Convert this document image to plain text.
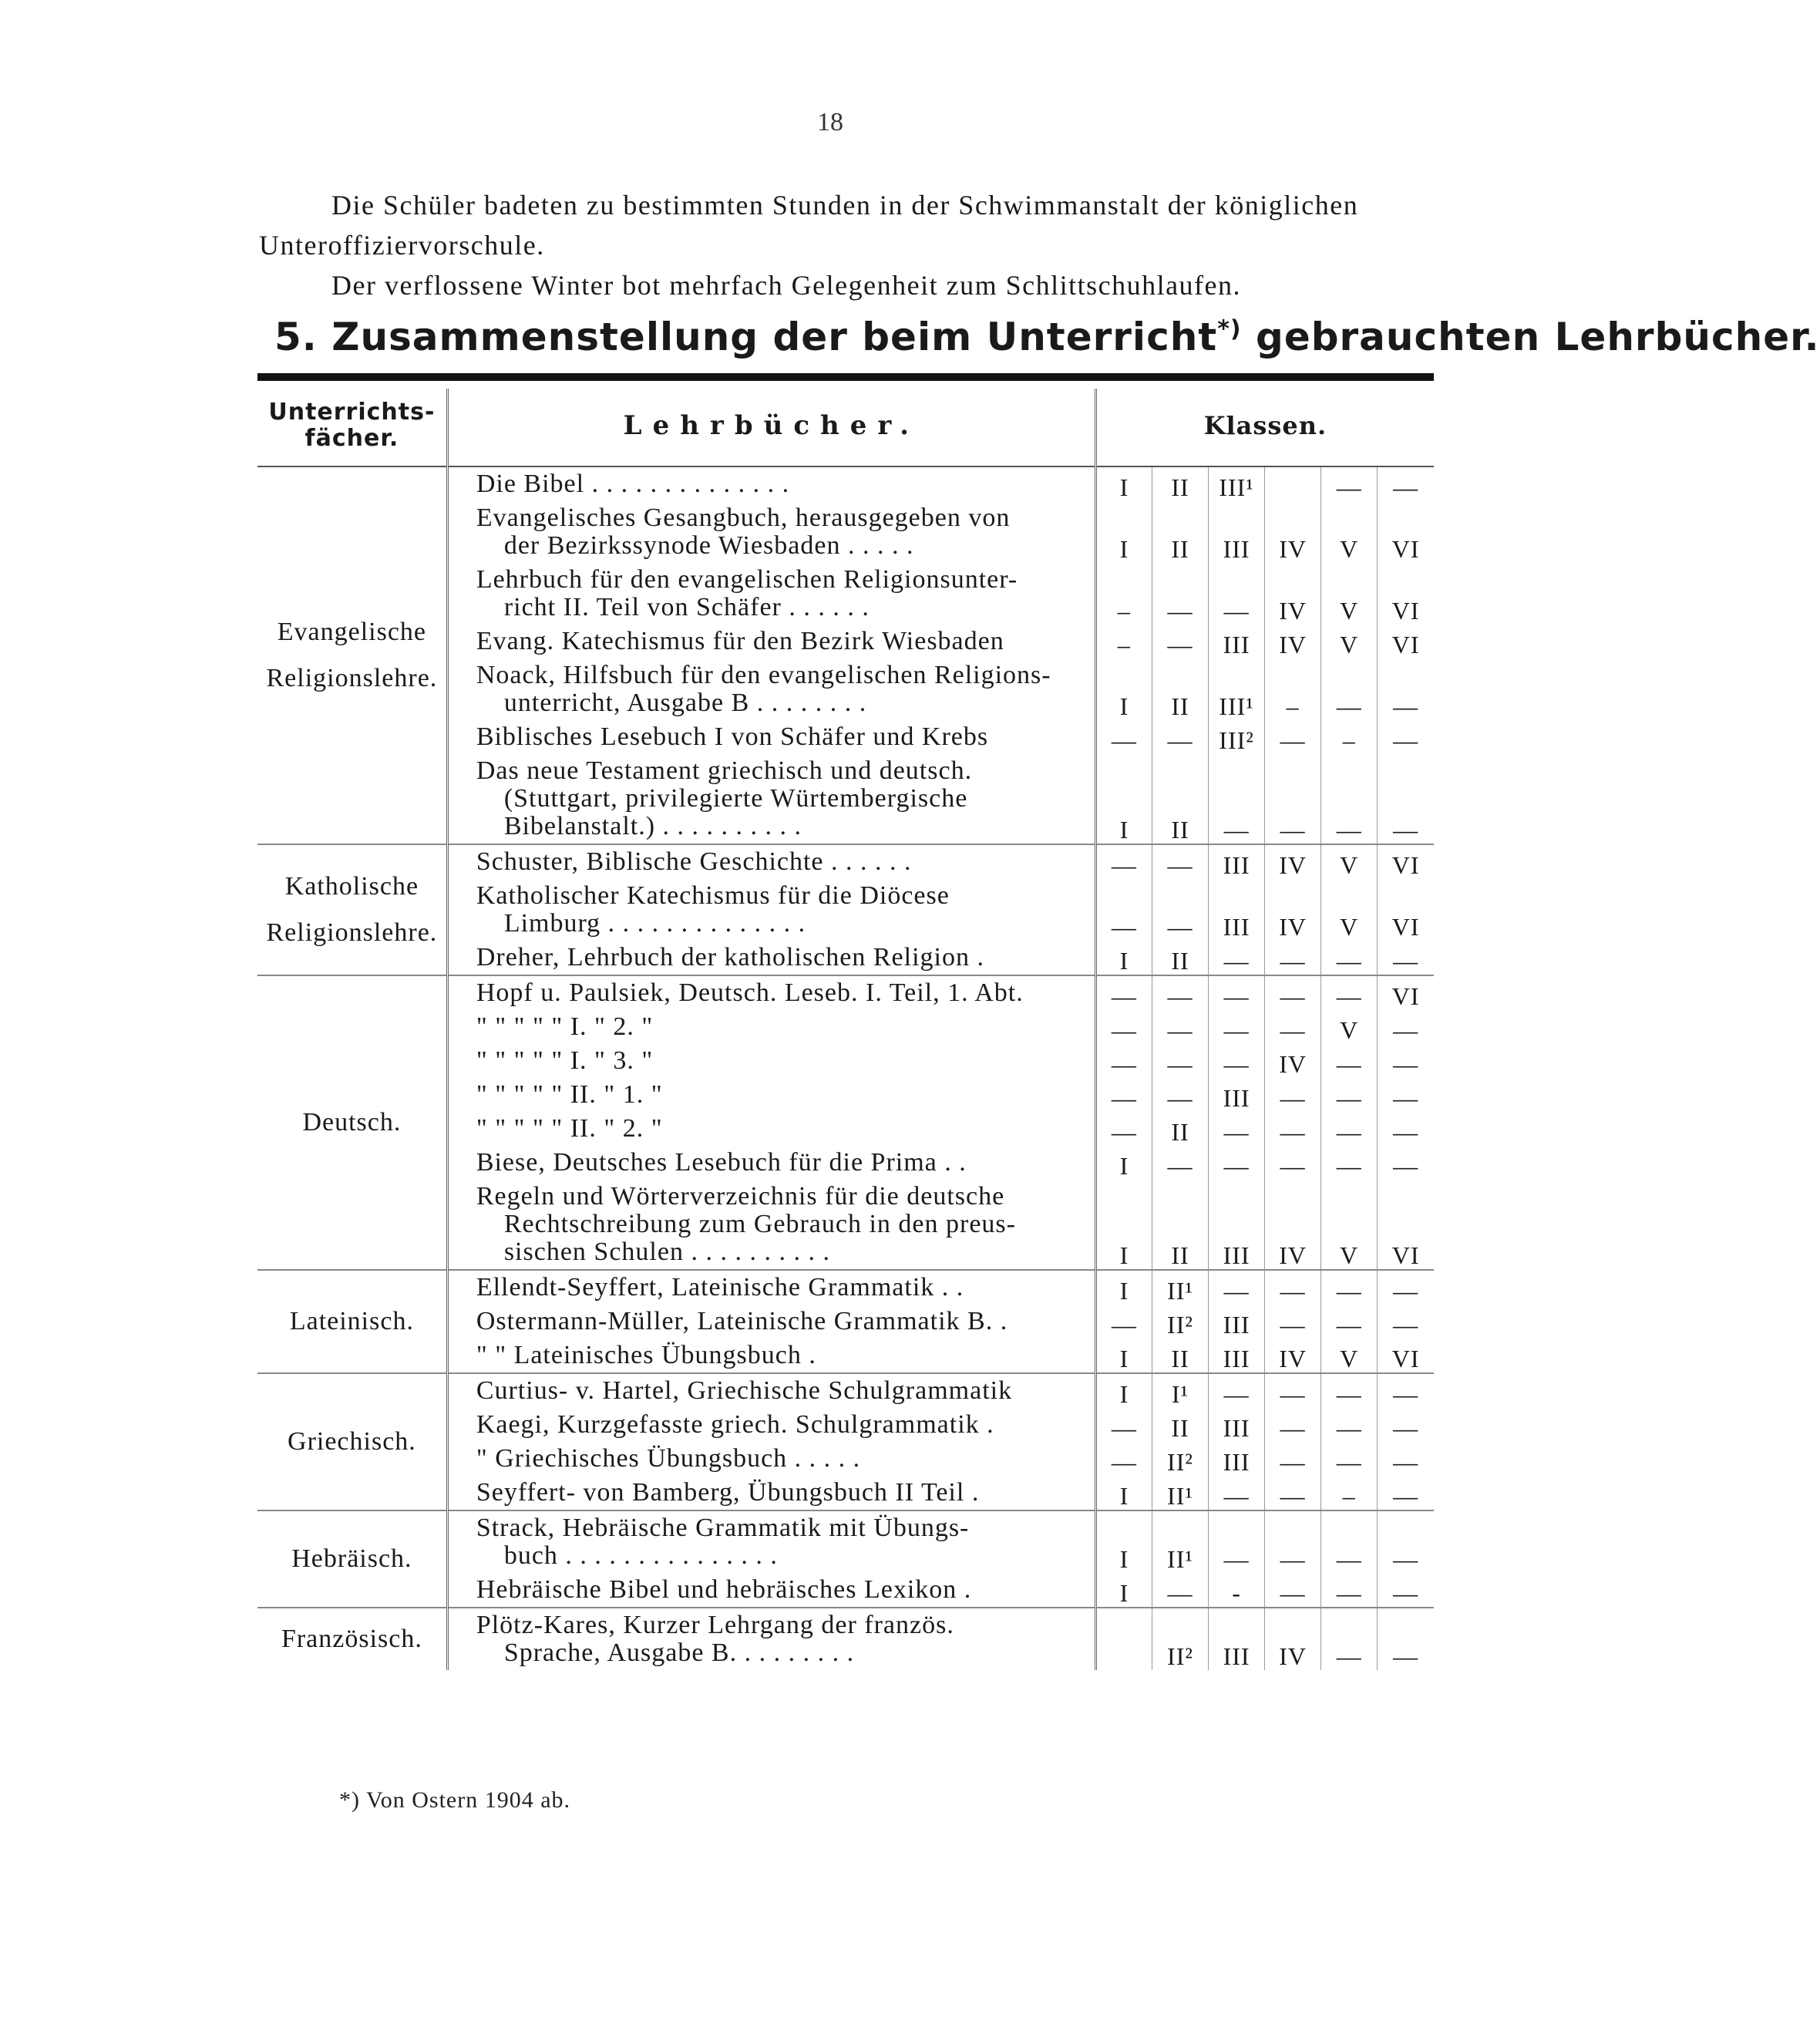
18

Die Schüler badeten zu bestimmten Stunden in der Schwimmanstalt der königlichen Unteroffiziervorschule.

Der verflossene Winter bot mehrfach Gelegenheit zum Schlittschuhlaufen.

5. Zusammenstellung der beim Unterricht*) gebrauchten Lehrbücher.
Unterrichts-fächer.	Lehrbücher.	Klassen.					
Evangelische Religionslehre.	Die Bibel . . . . . . . . . . . . . .	I	II	III¹		—	—

	Evangelisches Gesangbuch, herausgegeben von
der Bezirkssynode Wiesbaden . . . . .	I	II	III	IV	V	VI

	Lehrbuch für den evangelischen Religionsunter-
richt II. Teil von Schäfer . . . . . .	–	—	—	IV	V	VI

	Evang. Katechismus für den Bezirk Wiesbaden	–	—	III	IV	V	VI

	Noack, Hilfsbuch für den evangelischen Religions-
unterricht, Ausgabe B . . . . . . . .	I	II	III¹	–	—	—

	Biblisches Lesebuch I von Schäfer und Krebs	—	—	III²	—	–	—

	Das neue Testament griechisch und deutsch.
(Stuttgart, privilegierte Würtembergische
Bibelanstalt.) . . . . . . . . . .	I	II	—	—	—	—
Katholische Religionslehre.	Schuster, Biblische Geschichte . . . . . .	—	—	III	IV	V	VI

	Katholischer Katechismus für die Diöcese
Limburg . . . . . . . . . . . . . .	—	—	III	IV	V	VI

	Dreher, Lehrbuch der katholischen Religion .	I	II	—	—	—	—
Deutsch.	Hopf u. Paulsiek, Deutsch. Leseb. I. Teil, 1. Abt.	—	—	—	—	—	VI

	" " " " " I. " 2. "	—	—	—	—	V	—

	" " " " " I. " 3. "	—	—	—	IV	—	—

	" " " " " II. " 1. "	—	—	III	—	—	—

	" " " " " II. " 2. "	—	II	—	—	—	—

	Biese, Deutsches Lesebuch für die Prima . .	I	—	—	—	—	—

	Regeln und Wörterverzeichnis für die deutsche
Rechtschreibung zum Gebrauch in den preus-
sischen Schulen . . . . . . . . . .	I	II	III	IV	V	VI
Lateinisch.	Ellendt-Seyffert, Lateinische Grammatik . .	I	II¹	—	—	—	—

	Ostermann-Müller, Lateinische Grammatik B. .	—	II²	III	—	—	—

	" " Lateinisches Übungsbuch .	I	II	III	IV	V	VI
Griechisch.	Curtius- v. Hartel, Griechische Schulgrammatik	I	I¹	—	—	—	—

	Kaegi, Kurzgefasste griech. Schulgrammatik .	—	II	III	—	—	—

	" Griechisches Übungsbuch . . . . .	—	II²	III	—	—	—

	Seyffert- von Bamberg, Übungsbuch II Teil .	I	II¹	—	—	–	—
Hebräisch.	Strack, Hebräische Grammatik mit Übungs-
buch . . . . . . . . . . . . . . .	I	II¹	—	—	—	—

	Hebräische Bibel und hebräisches Lexikon .	I	—	-	—	—	—
Französisch.	Plötz-Kares, Kurzer Lehrgang der französ.
Sprache, Ausgabe B. . . . . . . . .		II²	III	IV	—	—
*) Von Ostern 1904 ab.
